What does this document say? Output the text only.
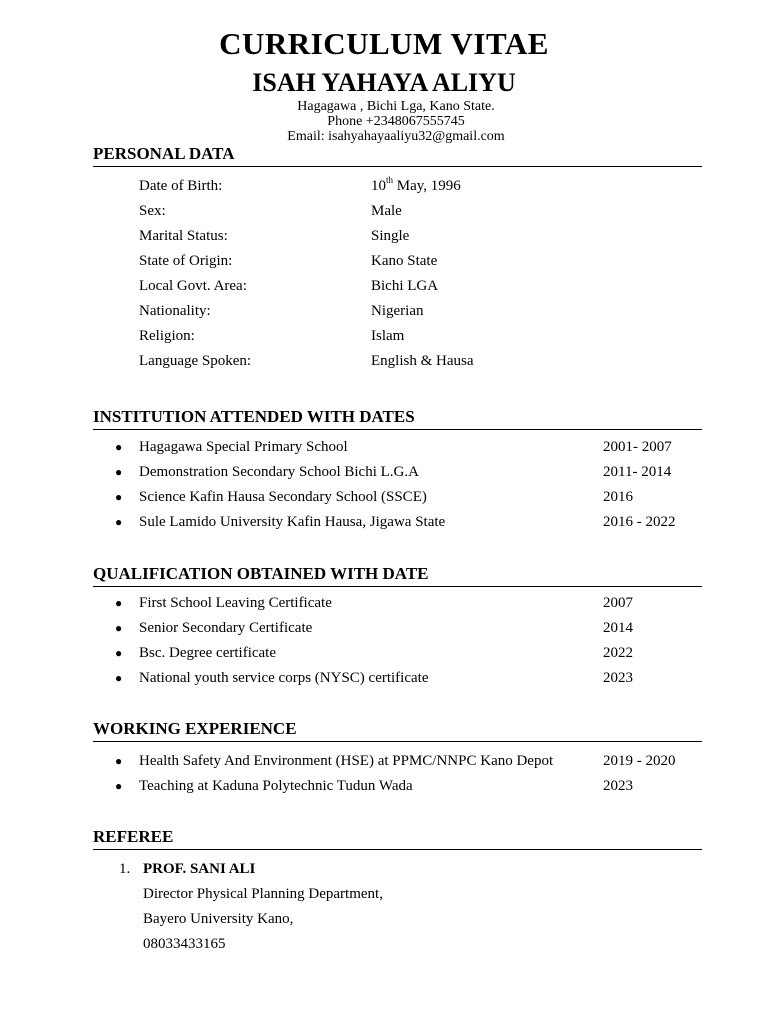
CURRICULUM VITAE
ISAH YAHAYA ALIYU
Hagagawa , Bichi Lga, Kano State.
Phone +2348067555745
Email: isahyahayaaliyu32@gmail.com
PERSONAL DATA
Date of Birth:	10th May, 1996
Sex:	Male
Marital Status:	Single
State of Origin:	Kano State
Local Govt. Area:	Bichi LGA
Nationality:	Nigerian
Religion:	Islam
Language Spoken:	English & Hausa
INSTITUTION ATTENDED WITH DATES
● Hagagawa Special Primary School	2001- 2007
● Demonstration Secondary School Bichi L.G.A	2011- 2014
● Science Kafin Hausa Secondary School (SSCE)	2016
● Sule Lamido University Kafin Hausa, Jigawa State	2016 - 2022
QUALIFICATION OBTAINED WITH DATE
● First School Leaving Certificate	2007
● Senior Secondary Certificate	2014
● Bsc. Degree certificate	2022
● National youth service corps (NYSC) certificate	2023
WORKING EXPERIENCE
● Health Safety And Environment (HSE) at PPMC/NNPC Kano Depot	2019 - 2020
● Teaching at Kaduna Polytechnic Tudun Wada	2023
REFEREE
1. PROF. SANI ALI
Director Physical Planning Department,
Bayero University Kano,
08033433165
